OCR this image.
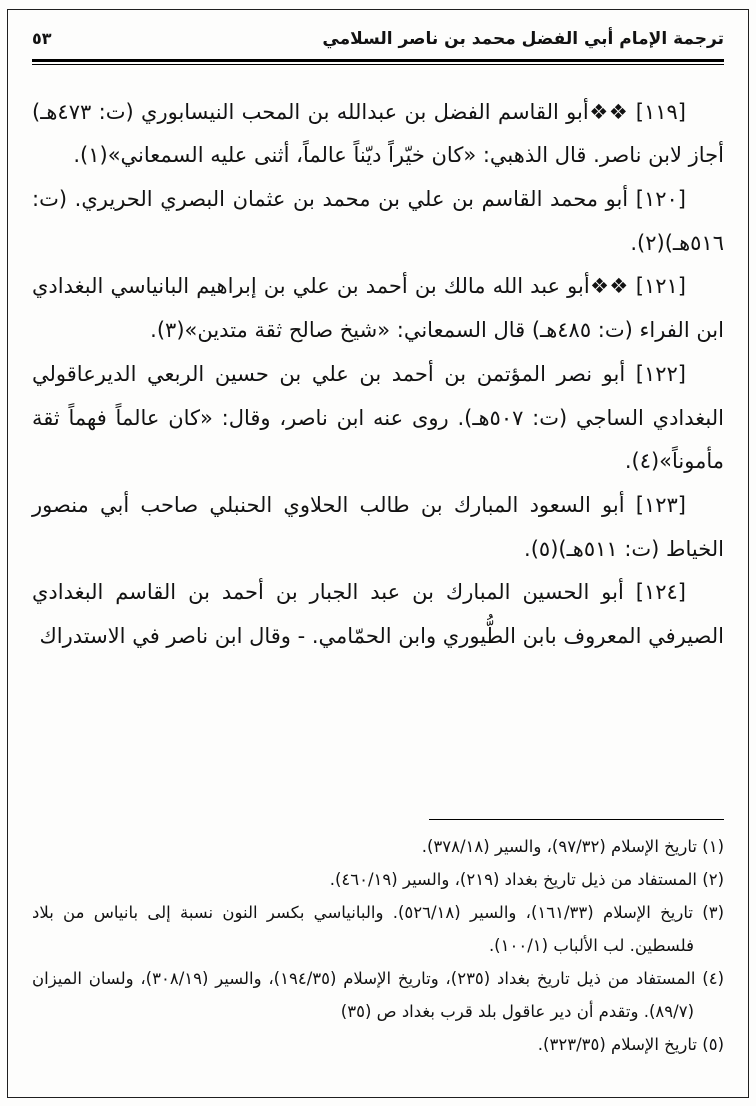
ترجمة الإمام أبي الفضل محمد بن ناصر السلامي
٥٣

[١١٩] ❖❖أبو القاسم الفضل بن عبدالله بن المحب النيسابوري (ت: ٤٧٣هـ) أجاز لابن ناصر. قال الذهبي: «كان خيّراً ديّناً عالماً، أثنى عليه السمعاني»(١).

[١٢٠] أبو محمد القاسم بن علي بن محمد بن عثمان البصري الحريري. (ت: ٥١٦هـ)(٢).

[١٢١] ❖❖أبو عبد الله مالك بن أحمد بن علي بن إبراهيم البانياسي البغدادي ابن الفراء (ت: ٤٨٥هـ) قال السمعاني: «شيخ صالح ثقة متدين»(٣).

[١٢٢] أبو نصر المؤتمن بن أحمد بن علي بن حسين الربعي الديرعاقولي البغدادي الساجي (ت: ٥٠٧هـ). روى عنه ابن ناصر، وقال: «كان عالماً فهماً ثقة مأموناً»(٤).

[١٢٣] أبو السعود المبارك بن طالب الحلاوي الحنبلي صاحب أبي منصور الخياط (ت: ٥١١هـ)(٥).

[١٢٤] أبو الحسين المبارك بن عبد الجبار بن أحمد بن القاسم البغدادي الصيرفي المعروف بابن الطُّيوري وابن الحمّامي. - وقال ابن ناصر في الاستدراك

(١) تاريخ الإسلام (٩٧/٣٢)، والسير (٣٧٨/١٨).

(٢) المستفاد من ذيل تاريخ بغداد (٢١٩)، والسير (٤٦٠/١٩).

(٣) تاريخ الإسلام (١٦١/٣٣)، والسير (٥٢٦/١٨). والبانياسي بكسر النون نسبة إلى بانياس من بلاد فلسطين. لب الألباب (١٠٠/١).

(٤) المستفاد من ذيل تاريخ بغداد (٢٣٥)، وتاريخ الإسلام (١٩٤/٣٥)، والسير (٣٠٨/١٩)، ولسان الميزان (٨٩/٧). وتقدم أن دير عاقول بلد قرب بغداد ص (٣٥)

(٥) تاريخ الإسلام (٣٢٣/٣٥).
